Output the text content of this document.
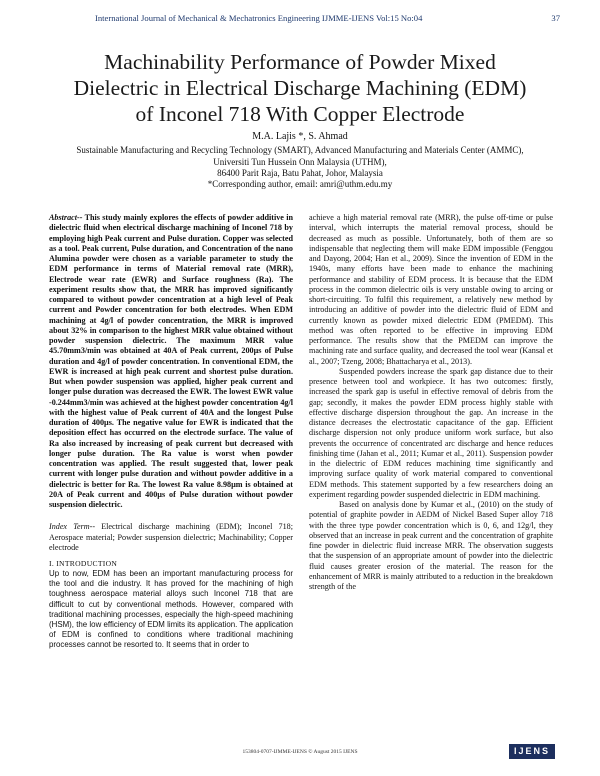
International Journal of Mechanical & Mechatronics Engineering IJMME-IJENS Vol:15 No:04	37
Machinability Performance of Powder Mixed
Dielectric in Electrical Discharge Machining (EDM)
of Inconel 718 With Copper Electrode
M.A. Lajis *, S. Ahmad
Sustainable Manufacturing and Recycling Technology (SMART), Advanced Manufacturing and Materials Center (AMMC),
Universiti Tun Hussein Onn Malaysia (UTHM),
86400 Parit Raja, Batu Pahat, Johor, Malaysia
*Corresponding author, email: amri@uthm.edu.my

Abstract-- This study mainly explores the effects of powder additive in dielectric fluid when electrical discharge machining of Inconel 718 by employing high Peak current and Pulse duration. Copper was selected as a tool. Peak current, Pulse duration, and Concentration of the nano Alumina powder were chosen as a variable parameter to study the EDM performance in terms of Material removal rate (MRR), Electrode wear rate (EWR) and Surface roughness (Ra). The experiment results show that, the MRR has improved significantly compared to without powder concentration at a high level of Peak current and Powder concentration for both electrodes. When EDM machining at 4g/l of powder concentration, the MRR is improved about 32% in comparison to the highest MRR value obtained without powder suspension dielectric. The maximum MRR value 45.70mm3/min was obtained at 40A of Peak current, 200µs of Pulse duration and 4g/l of powder concentration. In conventional EDM, the EWR is increased at high peak current and shortest pulse duration. But when powder suspension was applied, higher peak current and longer pulse duration was decreased the EWR. The lowest EWR value -0.244mm3/min was achieved at the highest powder concentration 4g/l with the highest value of Peak current of 40A and the longest Pulse duration of 400µs. The negative value for EWR is indicated that the deposition effect has occurred on the electrode surface. The value of Ra also increased by increasing of peak current but decreased with longer pulse duration. The Ra value is worst when powder concentration was applied. The result suggested that, lower peak current with longer pulse duration and without powder additive in a dielectric is better for Ra. The lowest Ra value 8.98µm is obtained at 20A of Peak current and 400µs of Pulse duration without powder suspension dielectric.

Index Term-- Electrical discharge machining (EDM); Inconel 718; Aerospace material; Powder suspension dielectric; Machinability; Copper electrode

I. INTRODUCTION

Up to now, EDM has been an important manufacturing process for the tool and die industry. It has proved for the machining of high toughness aerospace material alloys such Inconel 718 that are difficult to cut by conventional methods. However, compared with traditional machining processes, especially the high-speed machining (HSM), the low efficiency of EDM limits its application. The application of EDM is confined to conditions where traditional machining processes cannot be resorted to. It seems that in order to

achieve a high material removal rate (MRR), the pulse off-time or pulse interval, which interrupts the material removal process, should be decreased as much as possible. Unfortunately, both of them are so indispensable that neglecting them will make EDM impossible (Fenggou and Dayong, 2004; Han et al., 2009). Since the invention of EDM in the 1940s, many efforts have been made to enhance the machining performance and stability of EDM process. It is because that the EDM process in the common dielectric oils is very unstable owing to arcing or short-circuiting. To fulfil this requirement, a relatively new method by introducing an additive of powder into the dielectric fluid of EDM and currently known as powder mixed dielectric EDM (PMEDM). This method was often reported to be effective in improving EDM performance. The results show that the PMEDM can improve the machining rate and surface quality, and decreased the tool wear (Kansal et al., 2007; Tzeng, 2008; Bhattacharya et al., 2013).

Suspended powders increase the spark gap distance due to their presence between tool and workpiece. It has two outcomes: firstly, increased the spark gap is useful in effective removal of debris from the gap; secondly, it makes the powder EDM process highly stable with effective discharge dispersion throughout the gap. An increase in the distance decreases the electrostatic capacitance of the gap. Efficient discharge dispersion not only produce uniform work surface, but also prevents the occurrence of concentrated arc discharge and hence reduces finishing time (Jahan et al., 2011; Kumar et al., 2011). Suspension powder in the dielectric of EDM reduces machining time significantly and improving surface quality of work material compared to conventional EDM methods. This statement supported by a few researchers doing an experiment regarding powder suspended dielectric in EDM machining.

Based on analysis done by Kumar et al., (2010) on the study of potential of graphite powder in AEDM of Nickel Based Super alloy 718 with the three type powder concentration which is 0, 6, and 12g/l, they observed that an increase in peak current and the concentration of graphite fine powder in dielectric fluid increase MRR. The observation suggests that the suspension of an appropriate amount of powder into the dielectric fluid causes greater erosion of the material. The reason for the enhancement of MRR is mainly attributed to a reduction in the breakdown strength of the

153804-0707-IJMME-IJENS © August 2015 IJENS	IJENS
